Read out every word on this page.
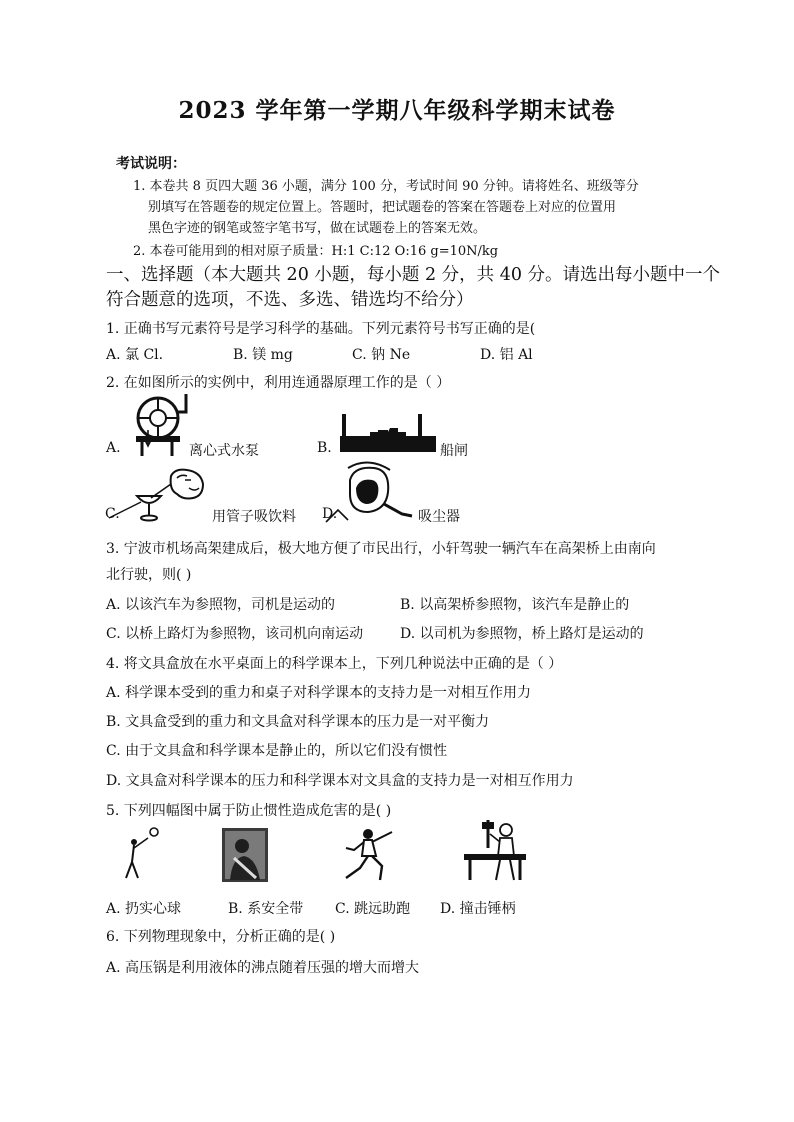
2023 学年第一学期八年级科学期末试卷
考试说明：
1. 本卷共 8 页四大题 36 小题，满分 100 分，考试时间 90 分钟。请将姓名、班级等分
别填写在答题卷的规定位置上。答题时，把试题卷的答案在答题卷上对应的位置用
黑色字迹的钢笔或签字笔书写，做在试题卷上的答案无效。
2. 本卷可能用到的相对原子质量：H:1 C:12 O:16 g=10N/kg
一、选择题（本大题共 20 小题，每小题 2 分，共 40 分。请选出每小题中一个
符合题意的选项，不选、多选、错选均不给分）
1. 正确书写元素符号是学习科学的基础。下列元素符号书写正确的是(
A. 氯 Cl.	B. 镁 mg	C. 钠 Ne	D. 铝 Al
2. 在如图所示的实例中，利用连通器原理工作的是（ ）
A.	离心式水泵	B.	船闸
C.	用管子吸饮料 D.	吸尘器
3. 宁波市机场高架建成后，极大地方便了市民出行，小轩驾驶一辆汽车在高架桥上由南向
北行驶，则( )
A. 以该汽车为参照物，司机是运动的	B. 以高架桥参照物，该汽车是静止的
C. 以桥上路灯为参照物，该司机向南运动	D. 以司机为参照物，桥上路灯是运动的
4. 将文具盒放在水平桌面上的科学课本上，下列几种说法中正确的是（ ）
A. 科学课本受到的重力和桌子对科学课本的支持力是一对相互作用力
B. 文具盒受到的重力和文具盒对科学课本的压力是一对平衡力
C. 由于文具盒和科学课本是静止的，所以它们没有惯性
D. 文具盒对科学课本的压力和科学课本对文具盒的支持力是一对相互作用力
5. 下列四幅图中属于防止惯性造成危害的是( )
A. 扔实心球	B. 系安全带 C. 跳远助跑 D. 撞击锤柄
6. 下列物理现象中，分析正确的是( )
A. 高压锅是利用液体的沸点随着压强的增大而增大
